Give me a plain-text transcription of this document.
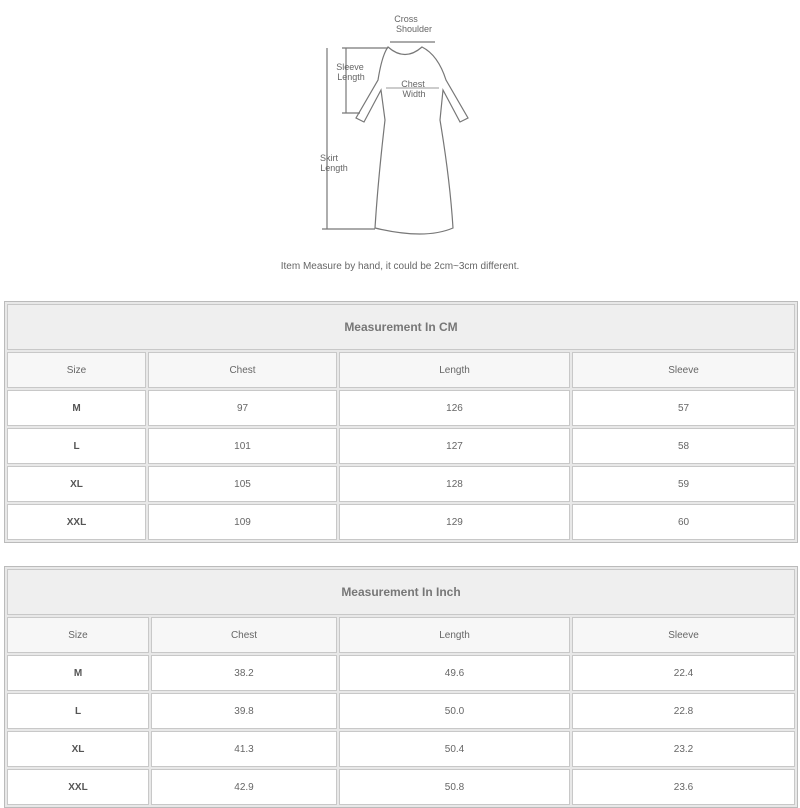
Cross
Shoulder
Sleeve
Length
Chest
Width
Skirt
Length
Item Measure by hand, it could be 2cm~3cm different.
Measurement In CM			
Size	Chest	Length	Sleeve
M	97	126	57
L	101	127	58
XL	105	128	59
XXL	109	129	60
Measurement In Inch			
Size	Chest	Length	Sleeve
M	38.2	49.6	22.4
L	39.8	50.0	22.8
XL	41.3	50.4	23.2
XXL	42.9	50.8	23.6
